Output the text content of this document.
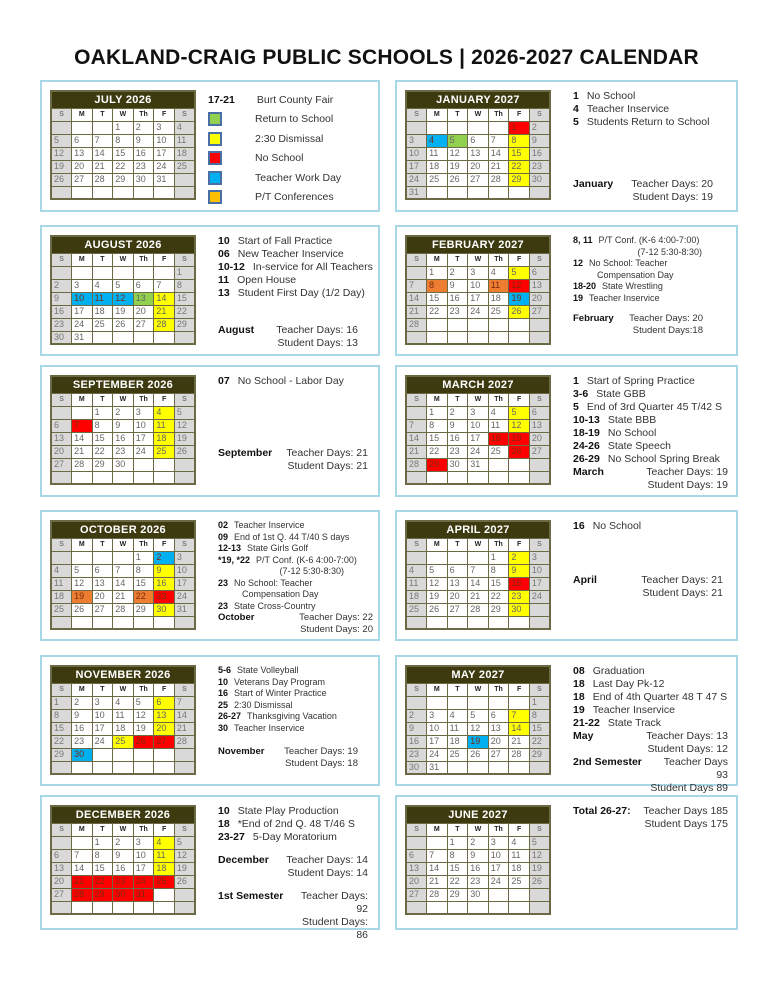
OAKLAND-CRAIG PUBLIC SCHOOLS | 2026-2027 CALENDAR
JULY 2026						
S	M	T	W	Th	F	S
			1	2	3	4
5	6	7	8	9	10	11
12	13	14	15	16	17	18
19	20	21	22	23	24	25
26	27	28	29	30	31	

17-21 Burt County Fair
Return to School
2:30 Dismissal
No School
Teacher Work Day
P/T Conferences
JANUARY 2027						
S	M	T	W	Th	F	S
					1	2
3	4	5	6	7	8	9
10	11	12	13	14	15	16
17	18	19	20	21	22	23
24	25	26	27	28	29	30
31						
1 No School
4 Teacher Inservice
5 Students Return to School
January	Teacher Days: 20
Student Days: 19
AUGUST 2026						
S	M	T	W	Th	F	S
						1
2	3	4	5	6	7	8
9	10	11	12	13	14	15
16	17	18	19	20	21	22
23	24	25	26	27	28	29
30	31					
10 Start of Fall Practice
06 New Teacher Inservice
10-12 In-service for All Teachers
11 Open House
13 Student First Day (1/2 Day)
August	Teacher Days: 16
Student Days: 13
FEBRUARY 2027						
S	M	T	W	Th	F	S
	1	2	3	4	5	6
7	8	9	10	11	12	13
14	15	16	17	18	19	20
21	22	23	24	25	26	27
28						

8, 11 P/T Conf. (K-6 4:00-7:00)
(7-12 5:30-8:30)
12 No School: Teacher
Compensation Day
18-20 State Wrestling
19 Teacher Inservice
February	Teacher Days: 20
Student Days:18
SEPTEMBER 2026						
S	M	T	W	Th	F	S
		1	2	3	4	5
6	7	8	9	10	11	12
13	14	15	16	17	18	19
20	21	22	23	24	25	26
27	28	29	30			

07 No School - Labor Day
September Teacher Days: 21
Student Days: 21
MARCH 2027						
S	M	T	W	Th	F	S
	1	2	3	4	5	6
7	8	9	10	11	12	13
14	15	16	17	18	19	20
21	22	23	24	25	26	27
28	29	30	31			

1 Start of Spring Practice
3-6 State GBB
5 End of 3rd Quarter 45 T/42 S
10-13 State BBB
18-19 No School
24-26 State Speech
26-29 No School Spring Break
March	Teacher Days: 19
Student Days: 19
OCTOBER 2026						
S	M	T	W	Th	F	S
				1	2	3
4	5	6	7	8	9	10
11	12	13	14	15	16	17
18	19	20	21	22	23	24
25	26	27	28	29	30	31

02 Teacher Inservice
09 End of 1st Q. 44 T/40 S days
12-13 State Girls Golf
*19, *22 P/T Conf. (K-6 4:00-7:00)
(7-12 5:30-8:30)
23 No School: Teacher
Compensation Day
23 State Cross-Country
October	Teacher Days: 22
Student Days: 20
APRIL 2027						
S	M	T	W	Th	F	S
				1	2	3
4	5	6	7	8	9	10
11	12	13	14	15	16	17
18	19	20	21	22	23	24
25	26	27	28	29	30	

16 No School
April	Teacher Days: 21
Student Days: 21
NOVEMBER 2026						
S	M	T	W	Th	F	S
1	2	3	4	5	6	7
8	9	10	11	12	13	14
15	16	17	18	19	20	21
22	23	24	25	26	27	28
29	30					

5-6 State Volleyball
10 Veterans Day Program
16 Start of Winter Practice
25 2:30 Dismissal
26-27 Thanksgiving Vacation
30 Teacher Inservice
November	Teacher Days: 19
Student Days: 18
MAY 2027						
S	M	T	W	Th	F	S
						1
2	3	4	5	6	7	8
9	10	11	12	13	14	15
16	17	18	19	20	21	22
23	24	25	26	27	28	29
30	31					
08 Graduation
18 Last Day Pk-12
18 End of 4th Quarter 48 T 47 S
19 Teacher Inservice
21-22 State Track
May	Teacher Days: 13
Student Days: 12
2nd Semester	Teacher Days 93
Student Days 89
DECEMBER 2026						
S	M	T	W	Th	F	S
		1	2	3	4	5
6	7	8	9	10	11	12
13	14	15	16	17	18	19
20	21	22	23	24	25	26
27	28	29	30	31		

10 State Play Production
18 *End of 2nd Q. 48 T/46 S
23-27 5-Day Moratorium
December	Teacher Days: 14
Student Days: 14
1st Semester	Teacher Days: 92
Student Days: 86
JUNE 2027						
S	M	T	W	Th	F	S
		1	2	3	4	5
6	7	8	9	10	11	12
13	14	15	16	17	18	19
20	21	22	23	24	25	26
27	28	29	30			

Total 26-27: Teacher Days 185
Student Days 175
